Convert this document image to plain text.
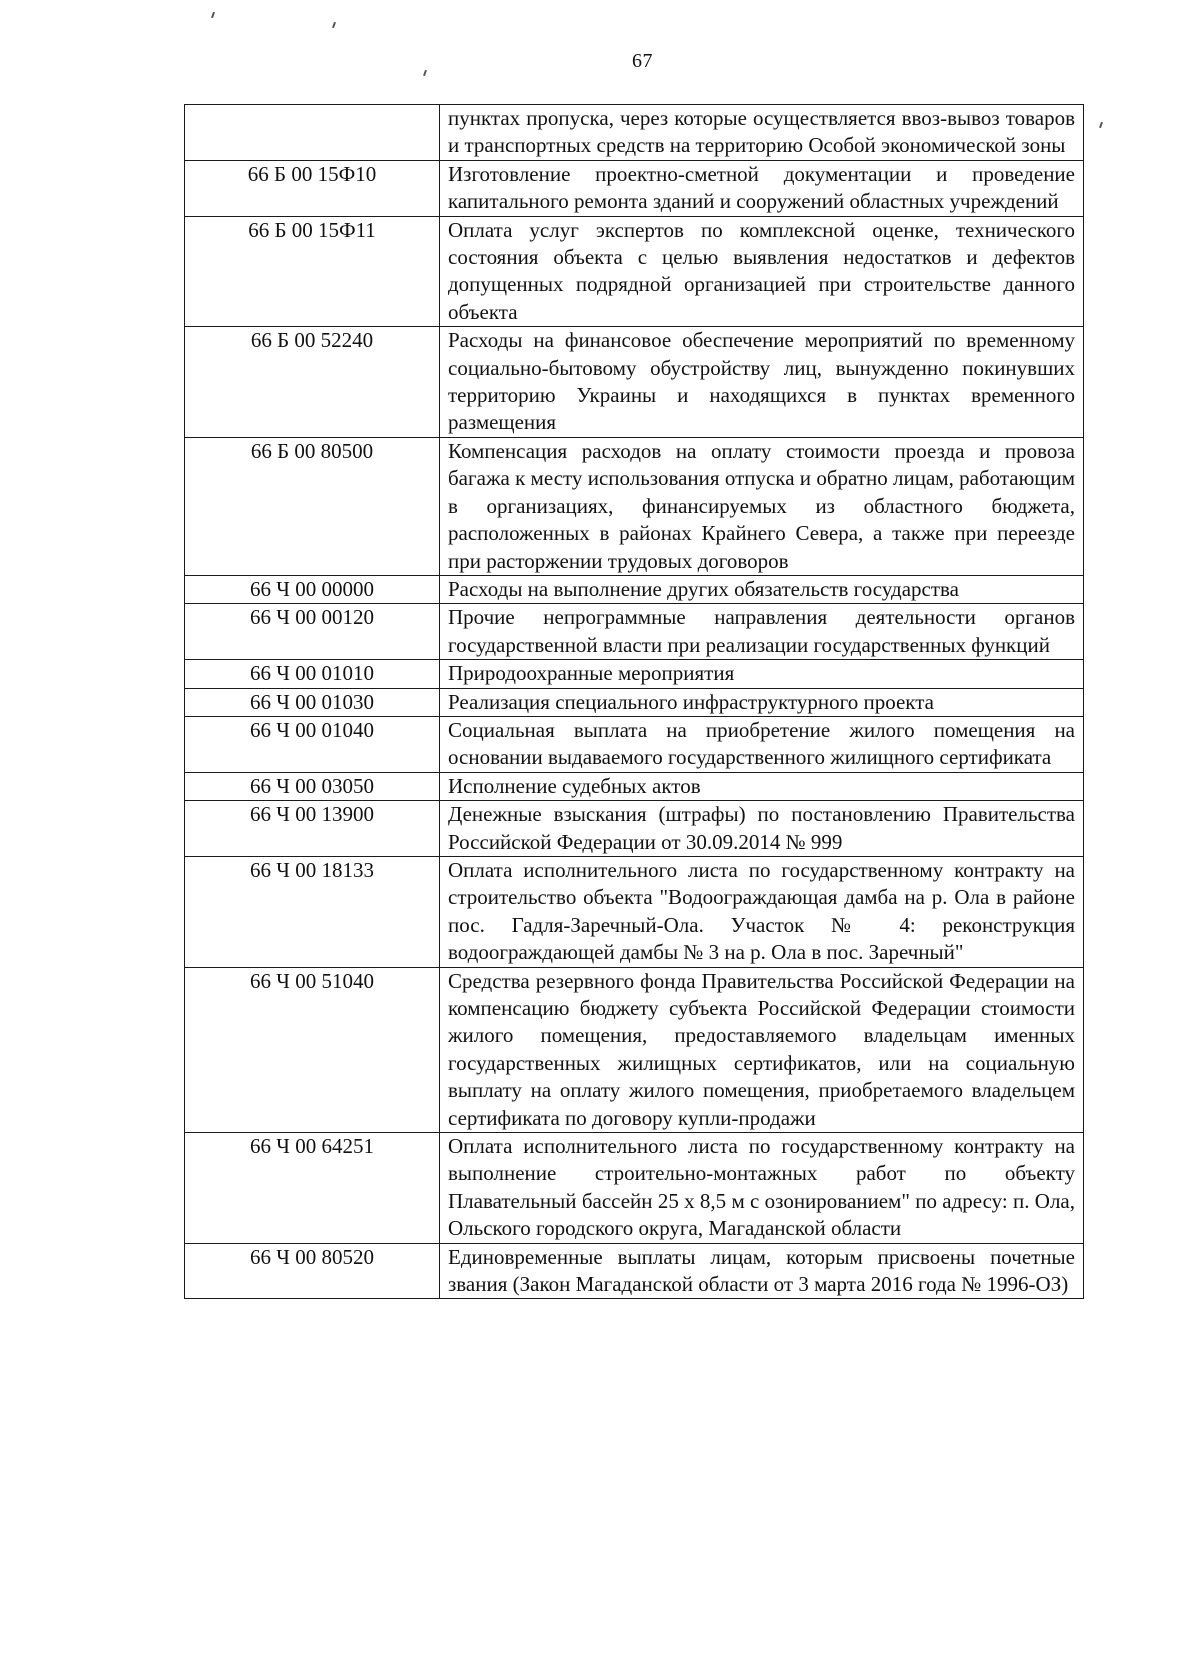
67
	пунктах пропуска, через которые осуществляется ввоз-вывоз товаров и транспортных средств на территорию Особой экономической зоны
66 Б 00 15Ф10	Изготовление проектно-сметной документации и проведение капитального ремонта зданий и сооружений областных учреждений
66 Б 00 15Ф11	Оплата услуг экспертов по комплексной оценке, технического состояния объекта с целью выявления недостатков и дефектов допущенных подрядной организацией при строительстве данного объекта
66 Б 00 52240	Расходы на финансовое обеспечение мероприятий по временному социально-бытовому обустройству лиц, вынужденно покинувших территорию Украины и находящихся в пунктах временного размещения
66 Б 00 80500	Компенсация расходов на оплату стоимости проезда и провоза багажа к месту использования отпуска и обратно лицам, работающим в организациях, финансируемых из областного бюджета, расположенных в районах Крайнего Севера, а также при переезде при расторжении трудовых договоров
66 Ч 00 00000	Расходы на выполнение других обязательств государства
66 Ч 00 00120	Прочие непрограммные направления деятельности органов государственной власти при реализации государственных функций
66 Ч 00 01010	Природоохранные мероприятия
66 Ч 00 01030	Реализация специального инфраструктурного проекта
66 Ч 00 01040	Социальная выплата на приобретение жилого помещения на основании выдаваемого государственного жилищного сертификата
66 Ч 00 03050	Исполнение судебных актов
66 Ч 00 13900	Денежные взыскания (штрафы) по постановлению Правительства Российской Федерации от 30.09.2014 № 999
66 Ч 00 18133	Оплата исполнительного листа по государственному контракту на строительство объекта "Водоограждающая дамба на р. Ола в районе пос. Гадля-Заречный-Ола. Участок № 4: реконструкция водоограждающей дамбы № 3 на р. Ола в пос. Заречный"
66 Ч 00 51040	Средства резервного фонда Правительства Российской Федерации на компенсацию бюджету субъекта Российской Федерации стоимости жилого помещения, предоставляемого владельцам именных государственных жилищных сертификатов, или на социальную выплату на оплату жилого помещения, приобретаемого владельцем сертификата по договору купли-продажи
66 Ч 00 64251	Оплата исполнительного листа по государственному контракту на выполнение строительно-монтажных работ по объекту Плавательный бассейн 25 х 8,5 м с озонированием" по адресу: п. Ола, Ольского городского округа, Магаданской области
66 Ч 00 80520	Единовременные выплаты лицам, которым присвоены почетные звания (Закон Магаданской области от 3 марта 2016 года № 1996-ОЗ)
